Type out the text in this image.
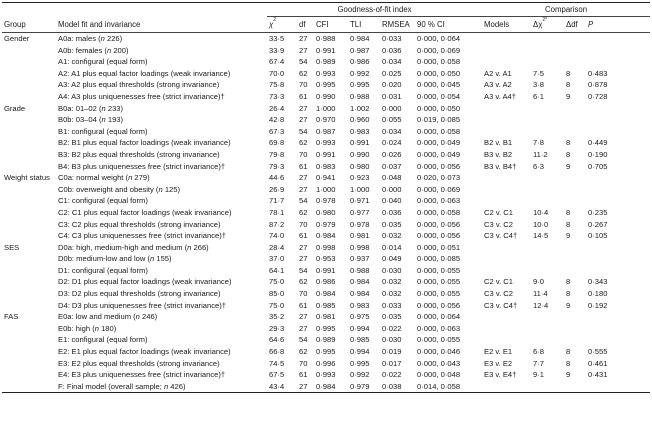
		Goodness-of-fit index						Comparison			
Group	Model fit and invariance	$\chi^2$	df	CFI	TLI	RMSEA	90 % CI	Models	$\Delta\chi^{2*}$	Δdf	P
Gender	A0a: males (n 226)	33·5	27	0·988	0·984	0·033	0·000, 0·064				
	A0b: females (n 200)	33·9	27	0·991	0·987	0·036	0·000, 0·069				
	A1: configural (equal form)	67·4	54	0·989	0·986	0·034	0·000, 0·058				
	A2: A1 plus equal factor loadings (weak invariance)	70·0	62	0·993	0·992	0·025	0·000, 0·050	A2 v. A1	7·5	8	0·483
	A3: A2 plus equal thresholds (strong invariance)	75·8	70	0·995	0·995	0·020	0·000, 0·045	A3 v. A2	3·8	8	0·878
	A4: A3 plus uniquenesses free (strict invariance)†	73·3	61	0·990	0·988	0·031	0·000, 0·054	A3 v. A4†	6·1	9	0·728
Grade	B0a: 01–02 (n 233)	26·4	27	1·000	1·002	0·000	0·000, 0·050				
	B0b: 03–04 (n 193)	42·8	27	0·970	0·960	0·055	0·019, 0·085				
	B1: configural (equal form)	67·3	54	0·987	0·983	0·034	0·000, 0·058				
	B2: B1 plus equal factor loadings (weak invariance)	69·8	62	0·993	0·991	0·024	0·000, 0·049	B2 v. B1	7·8	8	0·449
	B3: B2 plus equal thresholds (strong invariance)	79·8	70	0·991	0·990	0·026	0·000, 0·049	B3 v. B2	11·2	8	0·190
	B4: B3 plus uniquenesses free (strict invariance)†	79·3	61	0·983	0·980	0·037	0·000, 0·056	B3 v. B4†	6·3	9	0·705
Weight status	C0a: normal weight (n 279)	44·6	27	0·941	0·923	0·048	0·020, 0·073				
	C0b: overweight and obesity (n 125)	26·9	27	1·000	1·000	0·000	0·000, 0·069				
	C1: configural (equal form)	71·7	54	0·978	0·971	0·040	0·000, 0·063				
	C2: C1 plus equal factor loadings (weak invariance)	78·1	62	0·980	0·977	0·036	0·000, 0·058	C2 v. C1	10·4	8	0·235
	C3: C2 plus equal thresholds (strong invariance)	87·2	70	0·979	0·978	0·035	0·000, 0·056	C3 v. C2	10·0	8	0·267
	C4: C3 plus uniquenesses free (strict invariance)†	74·0	61	0·984	0·981	0·032	0·000, 0·056	C3 v. C4†	14·5	9	0·105
SES	D0a: high, medium-high and medium (n 266)	28·4	27	0·998	0·998	0·014	0·000, 0·051				
	D0b: medium-low and low (n 155)	37·0	27	0·953	0·937	0·049	0·000, 0·085				
	D1: configural (equal form)	64·1	54	0·991	0·988	0·030	0·000, 0·055				
	D2: D1 plus equal factor loadings (weak invariance)	75·0	62	0·986	0·984	0·032	0·000, 0·055	C2 v. C1	9·0	8	0·343
	D3: D2 plus equal thresholds (strong invariance)	85·0	70	0·984	0·984	0·032	0·000, 0·055	C3 v. C2	11·4	8	0·180
	D4: D3 plus uniquenesses free (strict invariance)†	75·0	61	0·985	0·983	0·033	0·000, 0·056	C3 v. C4†	12·4	9	0·192
FAS	E0a: low and medium (n 246)	35·2	27	0·981	0·975	0·035	0·000, 0·064				
	E0b: high (n 180)	29·3	27	0·995	0·994	0·022	0·000, 0·063				
	E1: configural (equal form)	64·6	54	0·989	0·985	0·030	0·000, 0·055				
	E2: E1 plus equal factor loadings (weak invariance)	66·8	62	0·995	0·994	0·019	0·000, 0·046	E2 v. E1	6·8	8	0·555
	E3: E2 plus equal thresholds (strong invariance)	74·5	70	0·996	0·995	0·017	0·000, 0·043	E3 v. E2	7·7	8	0·461
	E4: E3 plus uniquenesses free (strict invariance)†	67·5	61	0·993	0·992	0·022	0·000, 0·048	E3 v. E4†	9·1	9	0·431
	F: Final model (overall sample; n 426)	43·4	27	0·984	0·979	0·038	0·014, 0·058				
